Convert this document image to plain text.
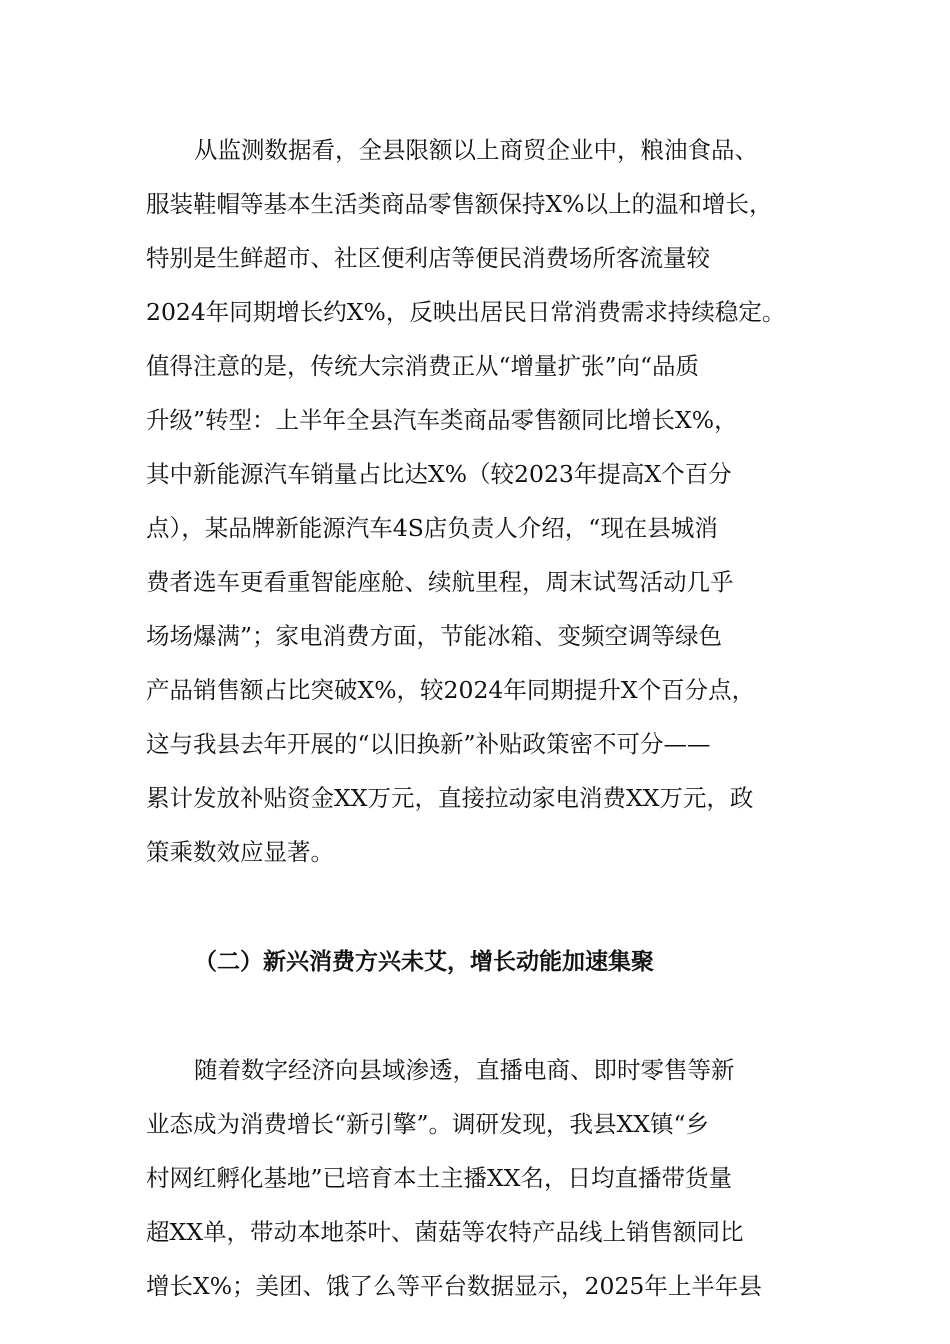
从监测数据看，全县限额以上商贸企业中，粮油食品、
服装鞋帽等基本生活类商品零售额保持X%以上的温和增长，
特别是生鲜超市、社区便利店等便民消费场所客流量较
2024年同期增长约X%，反映出居民日常消费需求持续稳定。
值得注意的是，传统大宗消费正从“增量扩张”向“品质
升级”转型：上半年全县汽车类商品零售额同比增长X%，
其中新能源汽车销量占比达X%（较2023年提高X个百分
点），某品牌新能源汽车4S店负责人介绍，“现在县城消
费者选车更看重智能座舱、续航里程，周末试驾活动几乎
场场爆满”；家电消费方面，节能冰箱、变频空调等绿色
产品销售额占比突破X%，较2024年同期提升X个百分点，
这与我县去年开展的“以旧换新”补贴政策密不可分——
累计发放补贴资金XX万元，直接拉动家电消费XX万元，政
策乘数效应显著。
（二）新兴消费方兴未艾，增长动能加速集聚
随着数字经济向县域渗透，直播电商、即时零售等新
业态成为消费增长“新引擎”。调研发现，我县XX镇“乡
村网红孵化基地”已培育本土主播XX名，日均直播带货量
超XX单，带动本地茶叶、菌菇等农特产品线上销售额同比
增长X%；美团、饿了么等平台数据显示，2025年上半年县
